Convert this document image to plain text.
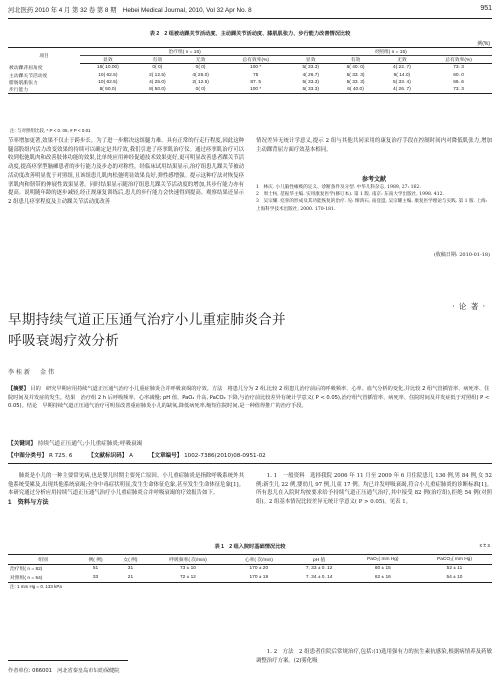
河北医药 2010 年 4 月 第 32 卷 第 8 期　Hebei Medical Journal, 2010, Vol 32 Apr No. 8	951
表 2　2 组被动踝关节活动度、主动踝关节活动度、膝肌肌张力、步行能力改善情况比较
例(%)
项目	治疗组( n = 16)				对照组( n = 15)			
	显效	有效	无效	总有效率(%)	显效	有效	无效	总有效率(%)
被动踝背屈角度	16( 10.00)	0( 0)	0( 0)	100 *	5( 33.3)	6( 40. 0)	4( 22. 7)	73. 3
主动踝关节活动度	10( 62.5)	2( 12.5)	4( 25.0)	75	4( 26.7)	5( 33. 3)	6( 14.0)	60. 0
腓肠肌肌张力	10( 62.5)	4( 25.0)	2( 12.5)	87. 5	5( 33.3)	5( 33. 3)	5( 33. 4)	66. 6
步行能力	8( 50.0)	8( 50.0)	0( 0)	100 *	5( 33.3)	6( 40.0)	4( 26. 7)	73. 3
注: 与对照组比较, * P < 0. 05, # P < 0.01

节率增加更著,效果不仅止于跨步长。为了进一步解决这组腿力难。具有正常的行走行程度,因此这种腿部股组内活力改变效果的持续可以确定是其疗效,我们引进了痉挛肌治疗仪。通过痉挛肌治疗可以收到松弛肌肉和改善肢体功能的效果,比单纯应用神经促通技术效果更好,更可明显改善患者踝关节活动度,提高痉挛型脑瘫患者的步行能力及步态的对称性。经临床试用结果显示,治疗组患儿踝关节被动活动度改善明显优于对照组,且该组患儿肌肉松弛明显效果良好,弹性感增强。提示这种疗法对恢复痉挛肌肉和韧带的伸展性效果显著。同时结果显示随治疗组患儿踝关节活动度的增加,其步行能力亦有提高。说明随年龄的逐步减轻,经正规康复训练后,患儿的步行能力会快速得到提高。观察结果还显示 2 组患儿痉挛程度及主动踝关节活动度改善

情况差异无统计学意义,提示 2 组与其他共同采用的康复治疗手段在控制时间内对降低肌张力,增加主动踝背屈方面疗效基本相同。

参考文献
1　林庆. 小儿脑性瘫痪的定义、诊断条件及分型. 中华儿科杂志, 1989, 27: 162.
2　周士枋, 范振华主编. 实用康复医学(修订本). 第 1 版. 南京: 东南大学出版社, 1998. 412.
3　吴宗耀. 痉挛的形成及其功能恢复的治疗. 见: 缪鸿石, 南登崑, 吴宗耀主编. 康复医学理论与实践. 第 1 版. 上海: 上海科学技术出版社, 2000. 170-181.
(收稿日期: 2010-01-18)
· 论 著 ·
早期持续气道正压通气治疗小儿重症肺炎合并
呼吸衰竭疗效分析
李桂新　金伟
【摘要】 目的　研究早期应用持续气道正压通气治疗小儿重症肺炎合并呼吸衰竭的疗效。方法　将患儿分为 2 组,比较 2 组患儿治疗前后的呼吸频率、心率、血气分析的变化,并比较 2 组气管插管率、病死率、住院时间及并发症的发生。结果　治疗组 2 h 后呼吸频率、心率减慢; pH 值、PaO₂ 升高, PaCO₂ 下降,与治疗前比较差异有统计学意义( P < 0.05),治疗组气管插管率、病死率、住院时间及并发症低于对照组( P < 0.05)。结论　早期持续气道正压通气治疗可明显改善重症肺炎小儿的缺氧,降低病死率,缩短住院时间,是一种值得推广的治疗手段。
【关键词】 持续气道正压通气;小儿重症肺炎;呼吸衰竭
【中图分类号】 R 725. 6	【文献标识码】 A	【文章编号】 1002-7386(2010)08-0951-02

肺炎是小儿的一种主要常见病,也是婴儿时期主要死亡原因。小儿重症肺炎是指除呼吸系统外其他系统受累及,出现其他系统衰竭;全身中毒症状明显,发生生命体征危象,甚至发生生命体征危象[1]。本研究通过分析应用持续气道正压通气治疗小儿重症肺炎合并呼吸衰竭的疗效报告如下。

1　资料与方法

1. 1　一般资料　选择我院 2006 年 11 月至 2009 年 6 月住院患儿 136 例,男 84 例,女 52 例;新生儿 22 例,婴幼儿 97 例,儿童 17 例。均已并发呼吸衰竭,符合小儿重症肺炎的诊断标准[1]。所有患儿在入院时均按要求给予持续气道正压通气治疗,其中接受 82 例(治疗组),拒绝 54 例(对照组)。2 组基本情况比较差异无统计学意义( P > 0.05)。见表 1。

表 1　2 组入院时基础情况比较	x ± s
组别	例( 例)	女( 例)	呼吸频率( 次/min)	心率( 次/min)	pH 值	PaO₂( mm Hg)	PaCO₂( mm Hg)
治疗组( n = 82)	51	31	73 ± 10	170 ± 20	7. 33 ± 0. 12	60 ± 15	52 ± 11
对照组( n = 54)	33	21	72 ± 12	170 ± 19	7. 34 ± 0. 14	62 ± 16	54 ± 10
注: 1 mm Hg = 0. 133 kPa
作者单位: 066001　河北省秦皇岛市妇幼保健院

1. 2　方法　2 组患者住院后常规治疗,包括:(1)选用强有力的抗生素抗感染,根据病情养及药敏调整治疗方案。(2)雾化吸
